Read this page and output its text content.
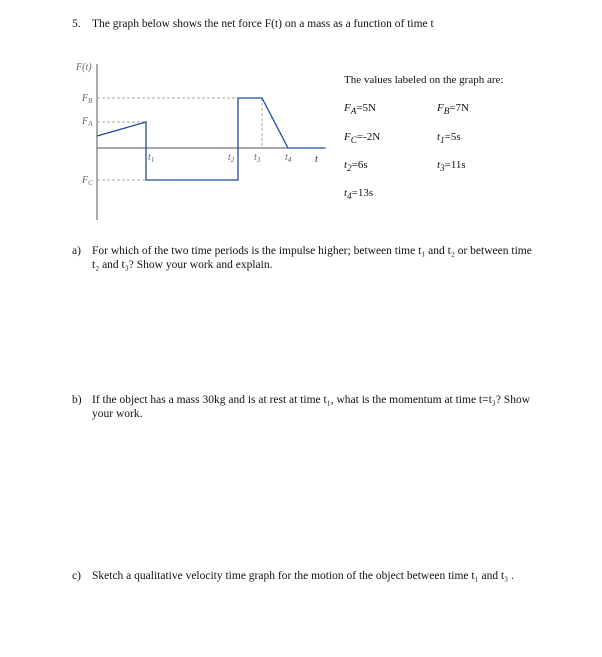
5. The graph below shows the net force F(t) on a mass as a function of time t
F(t)
t
$F_B$
$F_A$
$F_C$
$t_1$	$t_2$ $t_3$ $t_4$
The values labeled on the graph are:
$F_A=5N$	$F_B=7N$
$F_C=-2N$	$t_1=5s$
$t_2=6s$	$t_3=11s$
$t_4=13s$
a) For which of the two time periods is the impulse higher; between time t₁ and t₂ or between time
t₂ and t₃? Show your work and explain.
b) If the object has a mass 30kg and is at rest at time t₁, what is the momentum at time t=t₃? Show
your work.
c) Sketch a qualitative velocity time graph for the motion of the object between time t₁ and t₃ .
